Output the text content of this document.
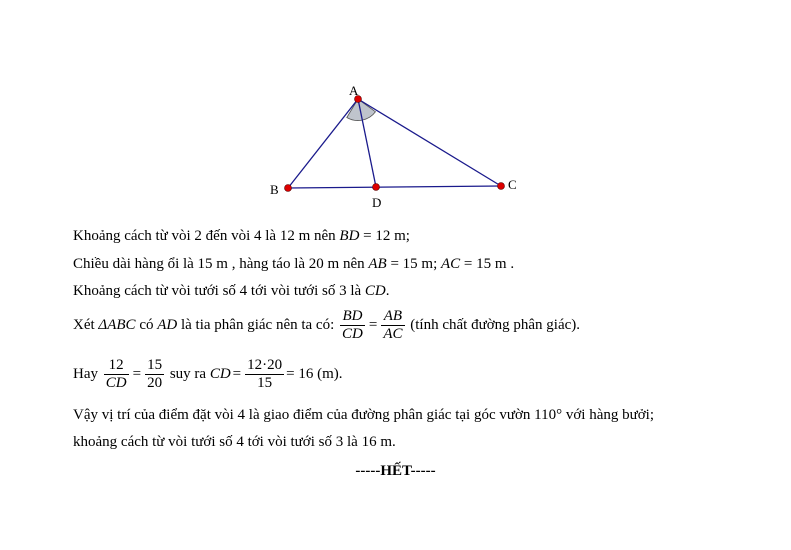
A
B
D
C
Khoảng cách từ vòi 2 đến vòi 4 là 12 m nên BD = 12 m;
Chiều dài hàng ổi là 15 m , hàng táo là 20 m nên AB = 15 m; AC = 15 m .
Khoảng cách từ vòi tưới số 4 tới vòi tưới số 3 là CD.
Xét ΔABC có AD là tia phân giác nên ta có: $\frac{BD}{CD} = \frac{AB}{AC}$ (tính chất đường phân giác).
Hay $\frac{12}{CD} = \frac{15}{20}$ suy ra CD = $\frac{12\cdot 20}{15} = 16$ (m).
Vậy vị trí của điểm đặt vòi 4 là giao điểm của đường phân giác tại góc vườn 110° với hàng bưởi;
khoảng cách từ vòi tưới số 4 tới vòi tưới số 3 là 16 m.
-----HẾT-----
